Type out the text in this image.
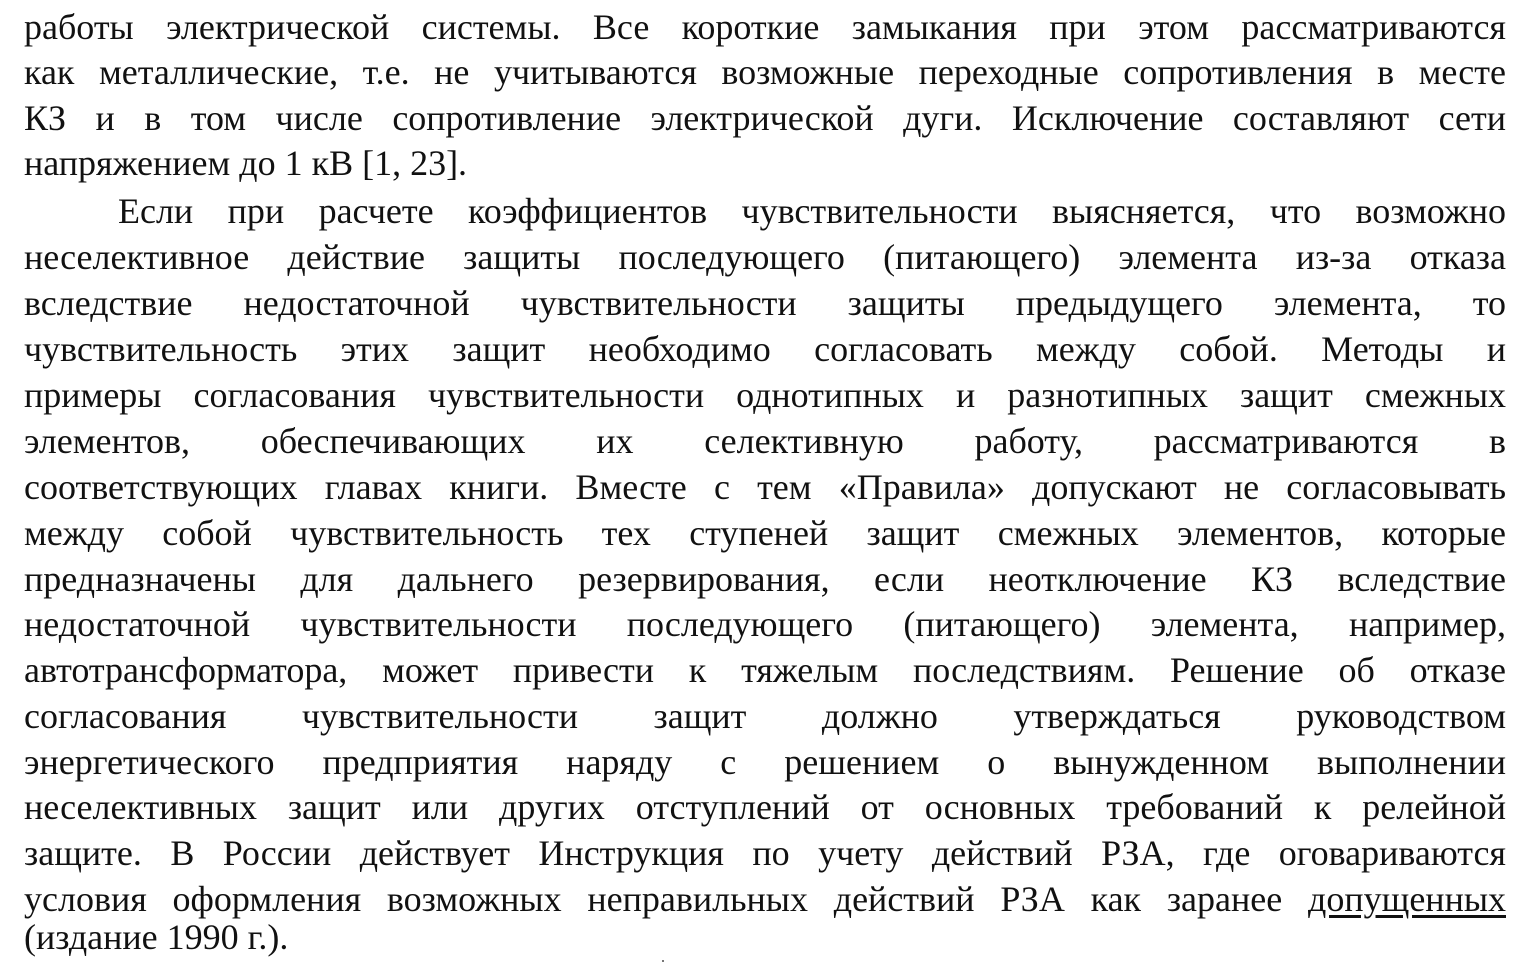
работы электрической системы. Все короткие замыкания при этом рассматриваются

как металлические, т.е. не учитываются возможные переходные сопротивления в месте

КЗ и в том числе сопротивление электрической дуги. Исключение составляют сети

напряжением до 1 кВ [1, 23].

Если при расчете коэффициентов чувствительности выясняется, что возможно

неселективное действие защиты последующего (питающего) элемента из-за отказа

вследствие недостаточной чувствительности защиты предыдущего элемента, то

чувствительность этих защит необходимо согласовать между собой. Методы и

примеры согласования чувствительности однотипных и разнотипных защит смежных

элементов, обеспечивающих их селективную работу, рассматриваются в

соответствующих главах книги. Вместе с тем «Правила» допускают не согласовывать

между собой чувствительность тех ступеней защит смежных элементов, которые

предназначены для дальнего резервирования, если неотключение КЗ вследствие

недостаточной чувствительности последующего (питающего) элемента, например,

автотрансформатора, может привести к тяжелым последствиям. Решение об отказе

согласования чувствительности защит должно утверждаться руководством

энергетического предприятия наряду с решением о вынужденном выполнении

неселективных защит или других отступлений от основных требований к релейной

защите. В России действует Инструкция по учету действий РЗА, где оговариваются

условия оформления возможных неправильных действий РЗА как заранее допущенных

(издание 1990 г.).
